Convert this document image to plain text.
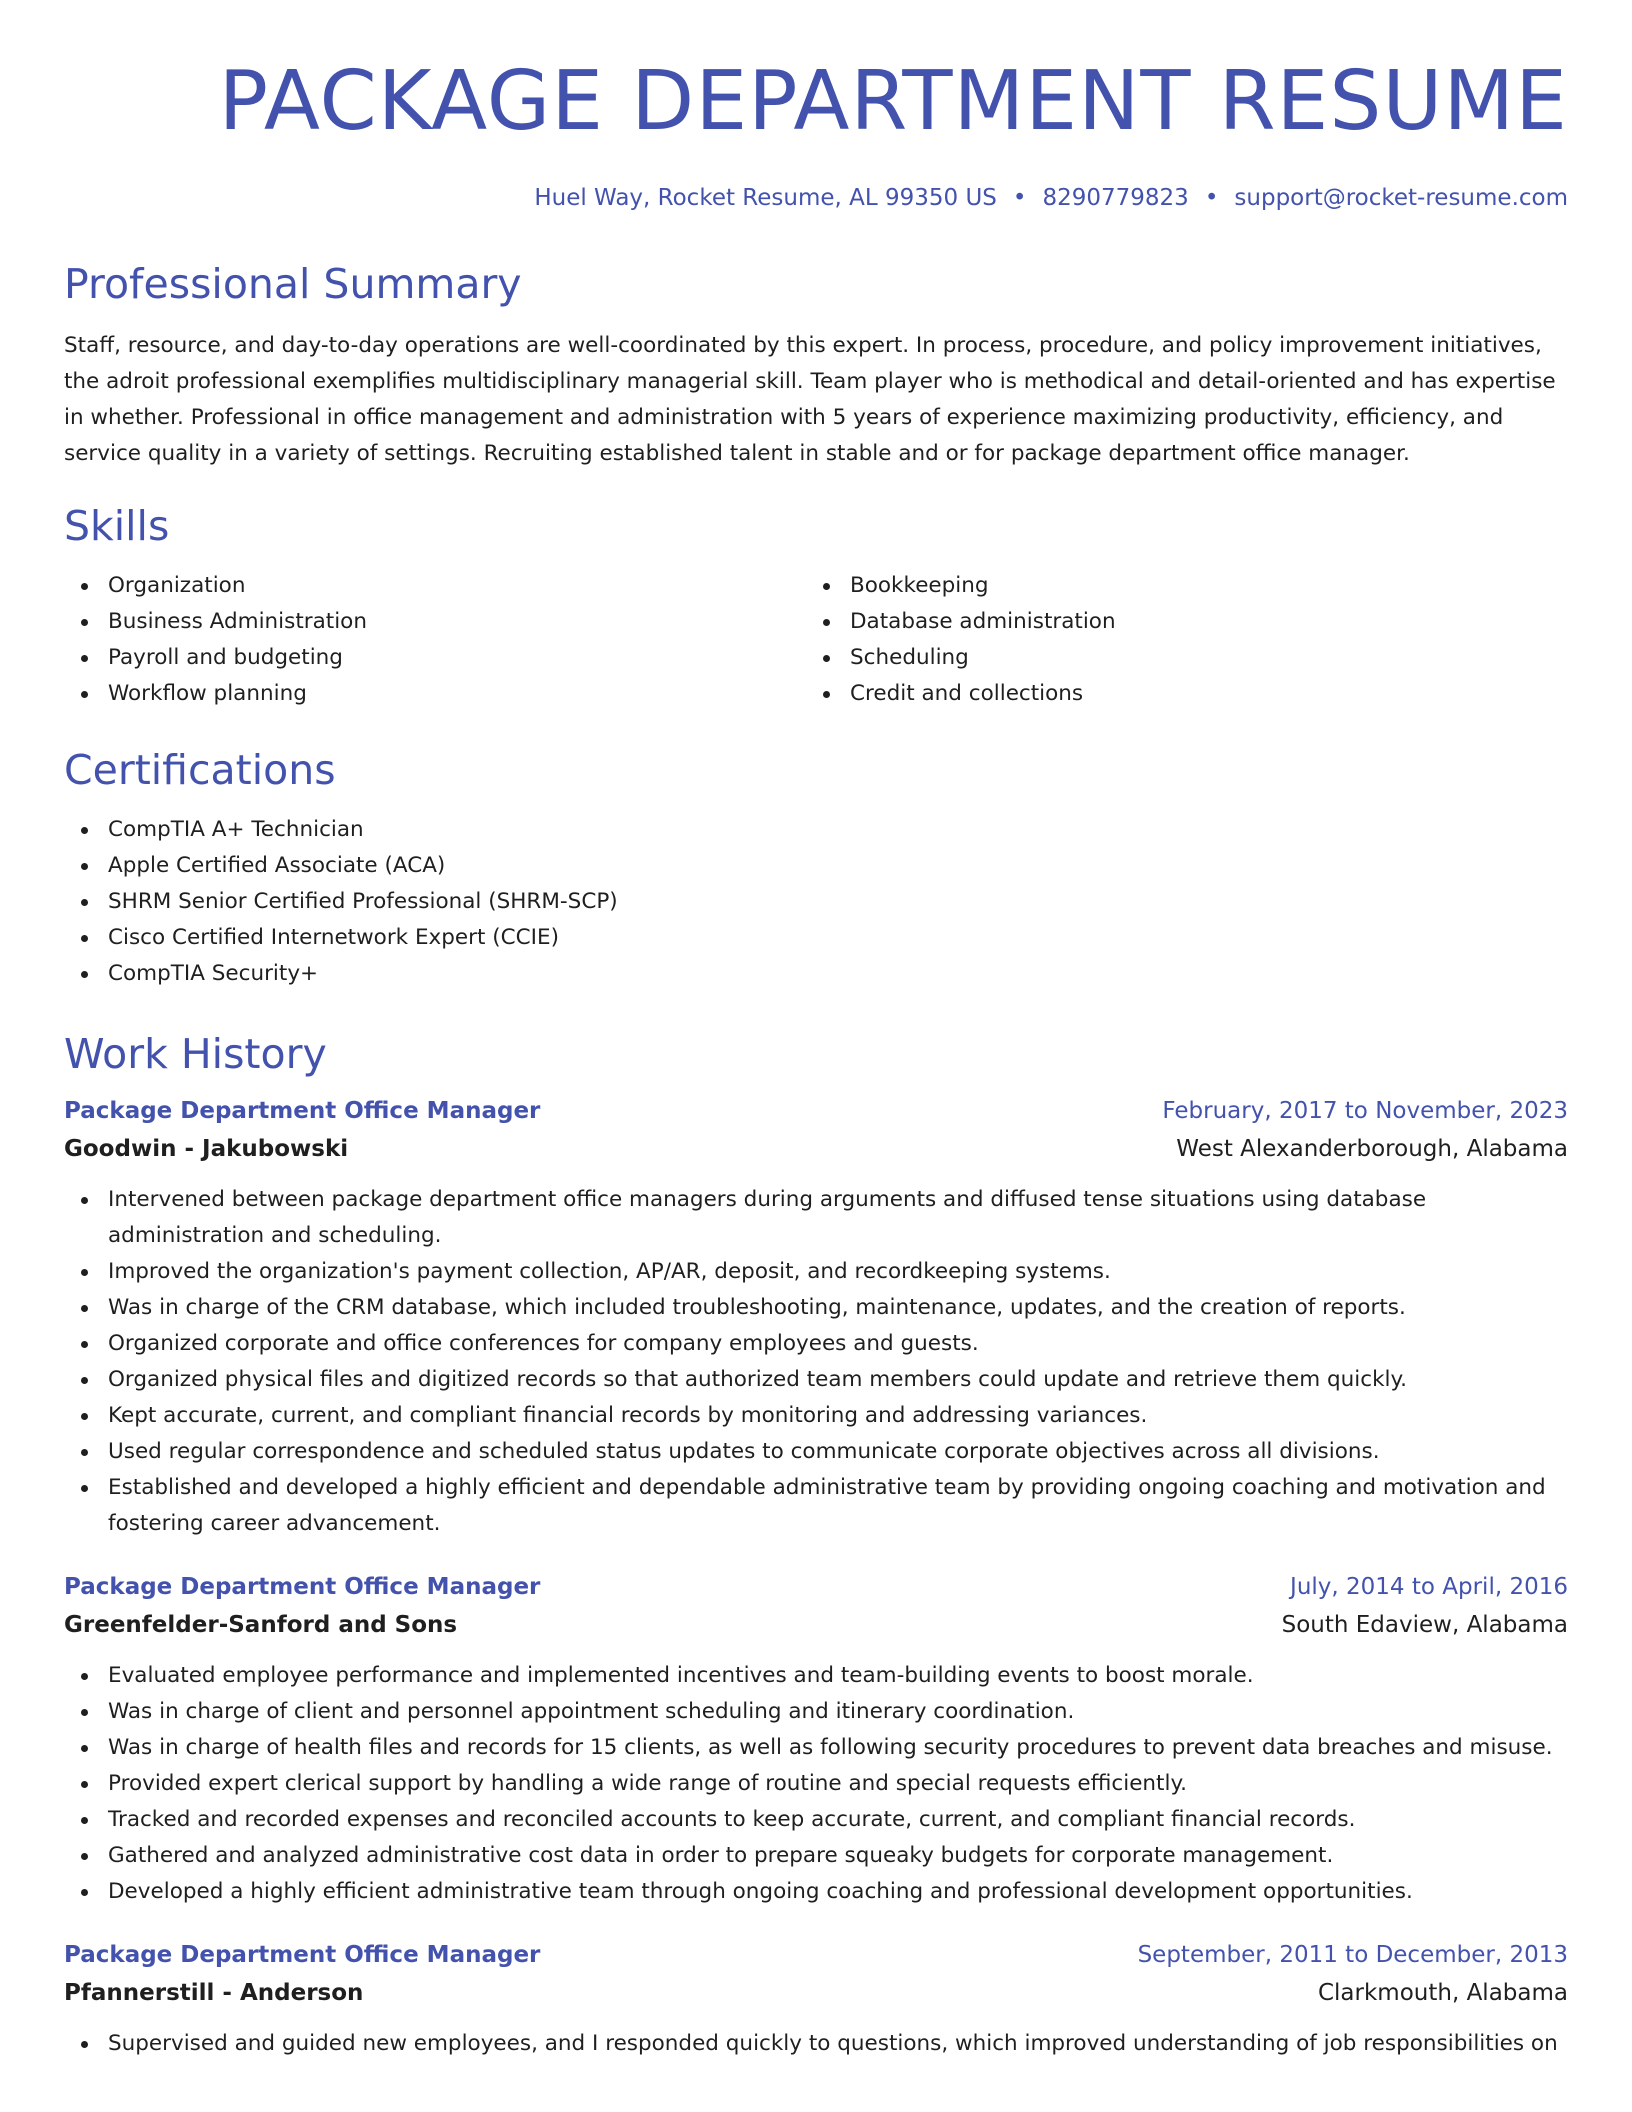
PACKAGE DEPARTMENT RESUME
Huel Way, Rocket Resume, AL 99350 US • 8290779823 • support@rocket-resume.com
Professional Summary

Staff, resource, and day-to-day operations are well-coordinated by this expert. In process, procedure, and policy improvement initiatives, the adroit professional exemplifies multidisciplinary managerial skill. Team player who is methodical and detail-oriented and has expertise in whether. Professional in office management and administration with 5 years of experience maximizing productivity, efficiency, and service quality in a variety of settings. Recruiting established talent in stable and or for package department office manager.

Skills
Organization
Business Administration
Payroll and budgeting
Workflow planning
Bookkeeping
Database administration
Scheduling
Credit and collections
Certifications
CompTIA A+ Technician
Apple Certified Associate (ACA)
SHRM Senior Certified Professional (SHRM-SCP)
Cisco Certified Internetwork Expert (CCIE)
CompTIA Security+
Work History
Package Department Office Manager	February, 2017 to November, 2023
Goodwin - Jakubowski	West Alexanderborough, Alabama
Intervened between package department office managers during arguments and diffused tense situations using database administration and scheduling.
Improved the organization's payment collection, AP/AR, deposit, and recordkeeping systems.
Was in charge of the CRM database, which included troubleshooting, maintenance, updates, and the creation of reports.
Organized corporate and office conferences for company employees and guests.
Organized physical files and digitized records so that authorized team members could update and retrieve them quickly.
Kept accurate, current, and compliant financial records by monitoring and addressing variances.
Used regular correspondence and scheduled status updates to communicate corporate objectives across all divisions.
Established and developed a highly efficient and dependable administrative team by providing ongoing coaching and motivation and fostering career advancement.
Package Department Office Manager	July, 2014 to April, 2016
Greenfelder-Sanford and Sons	South Edaview, Alabama
Evaluated employee performance and implemented incentives and team-building events to boost morale.
Was in charge of client and personnel appointment scheduling and itinerary coordination.
Was in charge of health files and records for 15 clients, as well as following security procedures to prevent data breaches and misuse.
Provided expert clerical support by handling a wide range of routine and special requests efficiently.
Tracked and recorded expenses and reconciled accounts to keep accurate, current, and compliant financial records.
Gathered and analyzed administrative cost data in order to prepare squeaky budgets for corporate management.
Developed a highly efficient administrative team through ongoing coaching and professional development opportunities.
Package Department Office Manager	September, 2011 to December, 2013
Pfannerstill - Anderson	Clarkmouth, Alabama
Supervised and guided new employees, and I responded quickly to questions, which improved understanding of job responsibilities on
